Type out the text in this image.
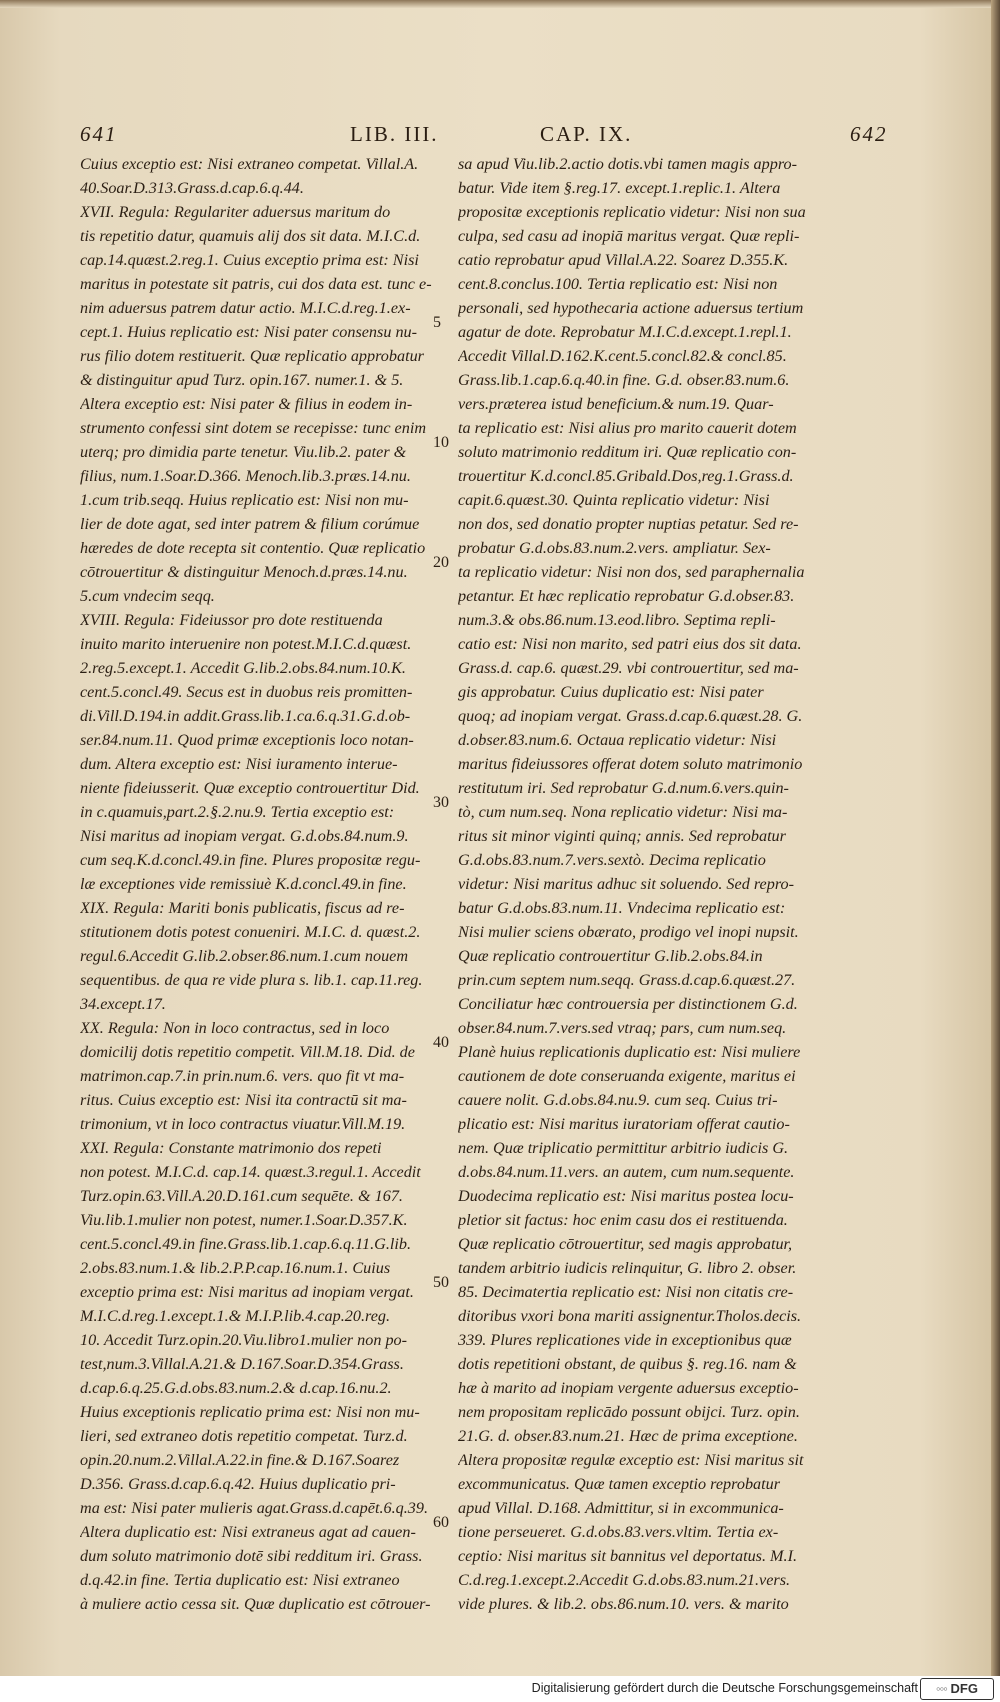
641	LIB. III.	CAP. IX.	642
Cuius exceptio est: Nisi extraneo competat. Villal.A.
40.Soar.D.313.Grass.d.cap.6.q.44.
XVII. Regula: Regulariter aduersus maritum do
tis repetitio datur, quamuis alij dos sit data. M.I.C.d.
cap.14.quæst.2.reg.1. Cuius exceptio prima est: Nisi
maritus in potestate sit patris, cui dos data est. tunc e-
nim aduersus patrem datur actio. M.I.C.d.reg.1.ex-
cept.1. Huius replicatio est: Nisi pater consensu nu-
rus filio dotem restituerit. Quæ replicatio approbatur
& distinguitur apud Turz. opin.167. numer.1. & 5.
Altera exceptio est: Nisi pater & filius in eodem in-
strumento confessi sint dotem se recepisse: tunc enim
uterq; pro dimidia parte tenetur. Viu.lib.2. pater &
filius, num.1.Soar.D.366. Menoch.lib.3.præs.14.nu.
1.cum trib.seqq. Huius replicatio est: Nisi non mu-
lier de dote agat, sed inter patrem & filium corúmue
hæredes de dote recepta sit contentio. Quæ replicatio
cōtrouertitur & distinguitur Menoch.d.præs.14.nu.
5.cum vndecim seqq.
XVIII. Regula: Fideiussor pro dote restituenda
inuito marito interuenire non potest.M.I.C.d.quæst.
2.reg.5.except.1. Accedit G.lib.2.obs.84.num.10.K.
cent.5.concl.49. Secus est in duobus reis promitten-
di.Vill.D.194.in addit.Grass.lib.1.ca.6.q.31.G.d.ob-
ser.84.num.11. Quod primæ exceptionis loco notan-
dum. Altera exceptio est: Nisi iuramento interue-
niente fideiusserit. Quæ exceptio controuertitur Did.
in c.quamuis,part.2.§.2.nu.9. Tertia exceptio est:
Nisi maritus ad inopiam vergat. G.d.obs.84.num.9.
cum seq.K.d.concl.49.in fine. Plures propositæ regu-
læ exceptiones vide remissiuè K.d.concl.49.in fine.
XIX. Regula: Mariti bonis publicatis, fiscus ad re-
stitutionem dotis potest conueniri. M.I.C. d. quæst.2.
regul.6.Accedit G.lib.2.obser.86.num.1.cum nouem
sequentibus. de qua re vide plura s. lib.1. cap.11.reg.
34.except.17.
XX. Regula: Non in loco contractus, sed in loco
domicilij dotis repetitio competit. Vill.M.18. Did. de
matrimon.cap.7.in prin.num.6. vers. quo fit vt ma-
ritus. Cuius exceptio est: Nisi ita contractū sit ma-
trimonium, vt in loco contractus viuatur.Vill.M.19.
XXI. Regula: Constante matrimonio dos repeti
non potest. M.I.C.d. cap.14. quæst.3.regul.1. Accedit
Turz.opin.63.Vill.A.20.D.161.cum sequēte. & 167.
Viu.lib.1.mulier non potest, numer.1.Soar.D.357.K.
cent.5.concl.49.in fine.Grass.lib.1.cap.6.q.11.G.lib.
2.obs.83.num.1.& lib.2.P.P.cap.16.num.1. Cuius
exceptio prima est: Nisi maritus ad inopiam vergat.
M.I.C.d.reg.1.except.1.& M.I.P.lib.4.cap.20.reg.
10. Accedit Turz.opin.20.Viu.libro1.mulier non po-
test,num.3.Villal.A.21.& D.167.Soar.D.354.Grass.
d.cap.6.q.25.G.d.obs.83.num.2.& d.cap.16.nu.2.
Huius exceptionis replicatio prima est: Nisi non mu-
lieri, sed extraneo dotis repetitio competat. Turz.d.
opin.20.num.2.Villal.A.22.in fine.& D.167.Soarez
D.356. Grass.d.cap.6.q.42. Huius duplicatio pri-
ma est: Nisi pater mulieris agat.Grass.d.capēt.6.q.39.
Altera duplicatio est: Nisi extraneus agat ad cauen-
dum soluto matrimonio dotē sibi redditum iri. Grass.
d.q.42.in fine. Tertia duplicatio est: Nisi extraneo
à muliere actio cessa sit. Quæ duplicatio est cōtrouer-
sa apud Viu.lib.2.actio dotis.vbi tamen magis appro-
batur. Vide item §.reg.17. except.1.replic.1. Altera
propositæ exceptionis replicatio videtur: Nisi non sua
culpa, sed casu ad inopiā maritus vergat. Quæ repli-
catio reprobatur apud Villal.A.22. Soarez D.355.K.
cent.8.conclus.100. Tertia replicatio est: Nisi non
personali, sed hypothecaria actione aduersus tertium
agatur de dote. Reprobatur M.I.C.d.except.1.repl.1.
Accedit Villal.D.162.K.cent.5.concl.82.& concl.85.
Grass.lib.1.cap.6.q.40.in fine. G.d. obser.83.num.6.
vers.præterea istud beneficium.& num.19. Quar-
ta replicatio est: Nisi alius pro marito cauerit dotem
soluto matrimonio redditum iri. Quæ replicatio con-
trouertitur K.d.concl.85.Gribald.Dos,reg.1.Grass.d.
capit.6.quæst.30. Quinta replicatio videtur: Nisi
non dos, sed donatio propter nuptias petatur. Sed re-
probatur G.d.obs.83.num.2.vers. ampliatur. Sex-
ta replicatio videtur: Nisi non dos, sed paraphernalia
petantur. Et hæc replicatio reprobatur G.d.obser.83.
num.3.& obs.86.num.13.eod.libro. Septima repli-
catio est: Nisi non marito, sed patri eius dos sit data.
Grass.d. cap.6. quæst.29. vbi controuertitur, sed ma-
gis approbatur. Cuius duplicatio est: Nisi pater
quoq; ad inopiam vergat. Grass.d.cap.6.quæst.28. G.
d.obser.83.num.6. Octaua replicatio videtur: Nisi
maritus fideiussores offerat dotem soluto matrimonio
restitutum iri. Sed reprobatur G.d.num.6.vers.quin-
tò, cum num.seq. Nona replicatio videtur: Nisi ma-
ritus sit minor viginti quinq; annis. Sed reprobatur
G.d.obs.83.num.7.vers.sextò. Decima replicatio
videtur: Nisi maritus adhuc sit soluendo. Sed repro-
batur G.d.obs.83.num.11. Vndecima replicatio est:
Nisi mulier sciens obærato, prodigo vel inopi nupsit.
Quæ replicatio controuertitur G.lib.2.obs.84.in
prin.cum septem num.seqq. Grass.d.cap.6.quæst.27.
Conciliatur hæc controuersia per distinctionem G.d.
obser.84.num.7.vers.sed vtraq; pars, cum num.seq.
Planè huius replicationis duplicatio est: Nisi muliere
cautionem de dote conseruanda exigente, maritus ei
cauere nolit. G.d.obs.84.nu.9. cum seq. Cuius tri-
plicatio est: Nisi maritus iuratoriam offerat cautio-
nem. Quæ triplicatio permittitur arbitrio iudicis G.
d.obs.84.num.11.vers. an autem, cum num.sequente.
Duodecima replicatio est: Nisi maritus postea locu-
pletior sit factus: hoc enim casu dos ei restituenda.
Quæ replicatio cōtrouertitur, sed magis approbatur,
tandem arbitrio iudicis relinquitur, G. libro 2. obser.
85. Decimatertia replicatio est: Nisi non citatis cre-
ditoribus vxori bona mariti assignentur.Tholos.decis.
339. Plures replicationes vide in exceptionibus quæ
dotis repetitioni obstant, de quibus §. reg.16. nam &
hæ à marito ad inopiam vergente aduersus exceptio-
nem propositam replicādo possunt obijci. Turz. opin.
21.G. d. obser.83.num.21. Hæc de prima exceptione.
Altera propositæ regulæ exceptio est: Nisi maritus sit
excommunicatus. Quæ tamen exceptio reprobatur
apud Villal. D.168. Admittitur, si in excommunica-
tione perseueret. G.d.obs.83.vers.vltim. Tertia ex-
ceptio: Nisi maritus sit bannitus vel deportatus. M.I.
C.d.reg.1.except.2.Accedit G.d.obs.83.num.21.vers.
vide plures. & lib.2. obs.86.num.10. vers. & marito
5
10
20
30
40
50
60
Digitalisierung gefördert durch die Deutsche Forschungsgemeinschaft	◦◦◦ DFG
